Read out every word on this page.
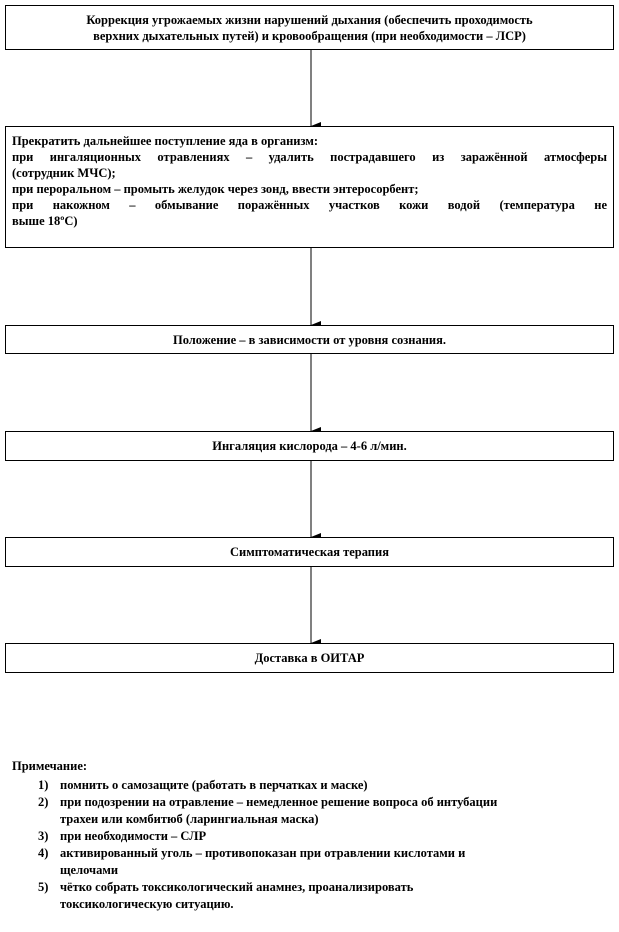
Коррекция угрожаемых жизни нарушений дыхания (обеспечить проходимость
верхних дыхательных путей) и кровообращения (при необходимости – ЛСР)
Прекратить дальнейшее поступление яда в организм:
при ингаляционных отравлениях – удалить пострадавшего из заражённой атмосферы
(сотрудник МЧС);
при пероральном – промыть желудок через зонд, ввести энтеросорбент;
при накожном – обмывание поражённых участков кожи водой (температура не
выше 18ºС)
Положение – в зависимости от уровня сознания.
Ингаляция кислорода – 4-6 л/мин.
Симптоматическая терапия
Доставка в ОИТАР
Примечание:
1) помнить о самозащите (работать в перчатках и маске)
2) при подозрении на отравление – немедленное решение вопроса об интубации
трахеи или комбитюб (ларингиальная маска)
3) при необходимости – СЛР
4) активированный уголь – противопоказан при отравлении кислотами и
щелочами
5) чётко собрать токсикологический анамнез, проанализировать
токсикологическую ситуацию.
